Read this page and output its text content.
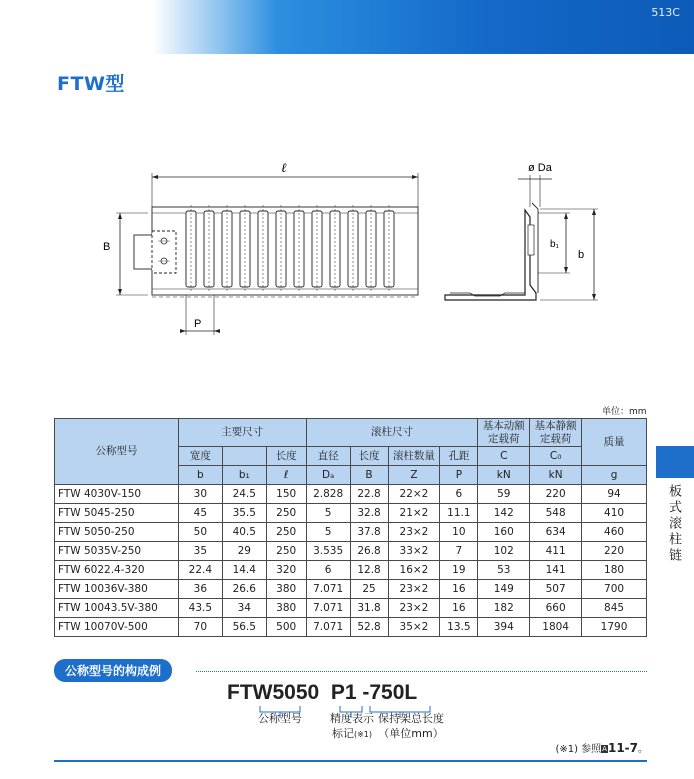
513C
FTW型
ℓ
B
P
ø Da
b₁
b
单位：mm
公称型号	主要尺寸			滚柱尺寸				基本动额定载荷	基本静额定载荷	质量
	宽度		长度	直径	长度	滚柱数量	孔距	C	C₀	
	b	b₁	ℓ	Dₐ	B	Z	P	kN	kN	g
FTW 4030V-150	30	24.5	150	2.828	22.8	22×2	6	59	220	94
FTW 5045-250	45	35.5	250	5	32.8	21×2	11.1	142	548	410
FTW 5050-250	50	40.5	250	5	37.8	23×2	10	160	634	460
FTW 5035V-250	35	29	250	3.535	26.8	33×2	7	102	411	220
FTW 6022.4-320	22.4	14.4	320	6	12.8	16×2	19	53	141	180
FTW 10036V-380	36	26.6	380	7.071	25	23×2	16	149	507	700
FTW 10043.5V-380	43.5	34	380	7.071	31.8	23×2	16	182	660	845
FTW 10070V-500	70	56.5	500	7.071	52.8	35×2	13.5	394	1804	1790
板式滚柱链
公称型号的构成例
FTW5050  P1 -750L
公称型号	精度表示
标记(※1)
保持架总长度
（单位mm）
(※1) 参照A11-7。
